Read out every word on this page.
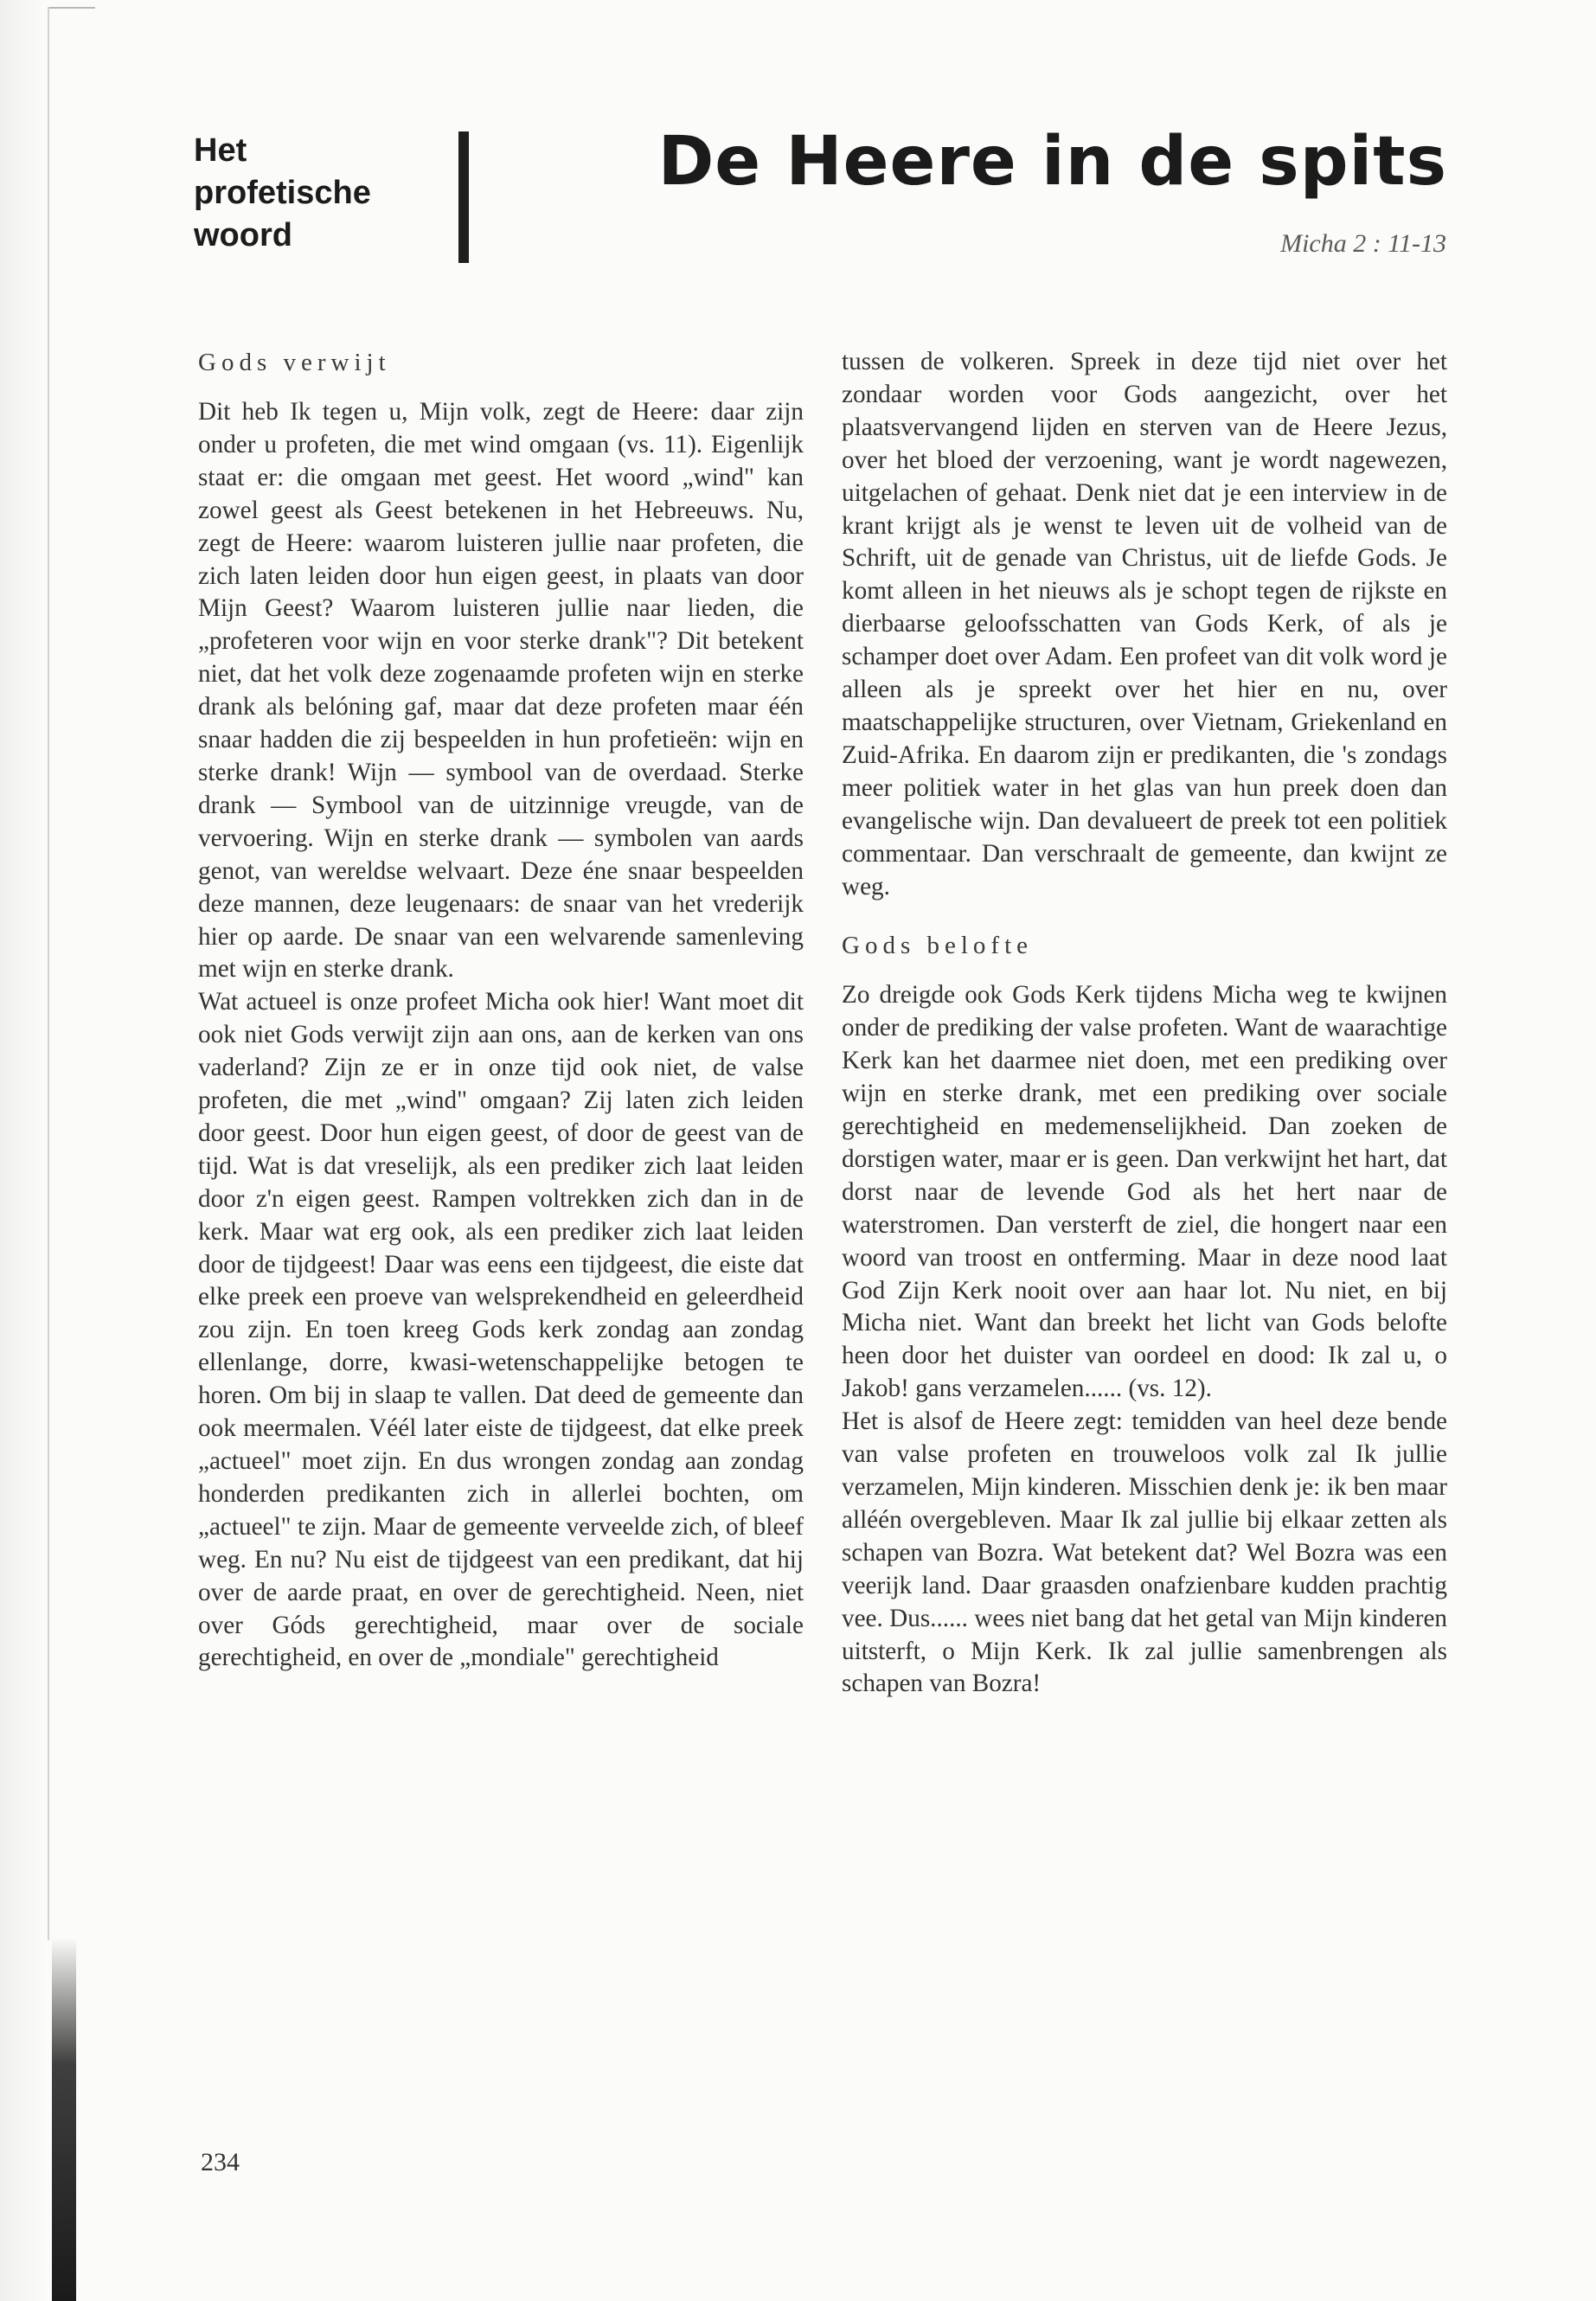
Het
profetische
woord
De Heere in de spits
Micha 2 : 11-13
Gods verwijt

Dit heb Ik tegen u, Mijn volk, zegt de Heere: daar zijn onder u profeten, die met wind omgaan (vs. 11). Eigenlijk staat er: die omgaan met geest. Het woord „wind" kan zowel geest als Geest betekenen in het Hebreeuws. Nu, zegt de Heere: waarom luisteren jullie naar profeten, die zich laten leiden door hun eigen geest, in plaats van door Mijn Geest? Waarom luisteren jullie naar lieden, die „profeteren voor wijn en voor sterke drank"? Dit betekent niet, dat het volk deze zogenaamde profeten wijn en sterke drank als belóning gaf, maar dat deze profeten maar één snaar hadden die zij bespeelden in hun profetieën: wijn en sterke drank! Wijn — symbool van de overdaad. Sterke drank — Symbool van de uitzinnige vreugde, van de vervoering. Wijn en sterke drank — symbolen van aards genot, van wereldse welvaart. Deze éne snaar bespeelden deze mannen, deze leugenaars: de snaar van het vrederijk hier op aarde. De snaar van een welvarende samenleving met wijn en sterke drank.

Wat actueel is onze profeet Micha ook hier! Want moet dit ook niet Gods verwijt zijn aan ons, aan de kerken van ons vaderland? Zijn ze er in onze tijd ook niet, de valse profeten, die met „wind" omgaan? Zij laten zich leiden door geest. Door hun eigen geest, of door de geest van de tijd. Wat is dat vreselijk, als een prediker zich laat leiden door z'n eigen geest. Rampen voltrekken zich dan in de kerk. Maar wat erg ook, als een prediker zich laat leiden door de tijdgeest! Daar was eens een tijdgeest, die eiste dat elke preek een proeve van welsprekendheid en geleerdheid zou zijn. En toen kreeg Gods kerk zondag aan zondag ellenlange, dorre, kwasi-wetenschappelijke betogen te horen. Om bij in slaap te vallen. Dat deed de gemeente dan ook meermalen. Véél later eiste de tijdgeest, dat elke preek „actueel" moet zijn. En dus wrongen zondag aan zondag honderden predikanten zich in allerlei bochten, om „actueel" te zijn. Maar de gemeente verveelde zich, of bleef weg. En nu? Nu eist de tijdgeest van een predikant, dat hij over de aarde praat, en over de gerechtigheid. Neen, niet over Góds gerechtigheid, maar over de sociale gerechtigheid, en over de „mondiale" gerechtigheid

tussen de volkeren. Spreek in deze tijd niet over het zondaar worden voor Gods aangezicht, over het plaatsvervangend lijden en sterven van de Heere Jezus, over het bloed der verzoening, want je wordt nagewezen, uitgelachen of gehaat. Denk niet dat je een interview in de krant krijgt als je wenst te leven uit de volheid van de Schrift, uit de genade van Christus, uit de liefde Gods. Je komt alleen in het nieuws als je schopt tegen de rijkste en dierbaarse geloofsschatten van Gods Kerk, of als je schamper doet over Adam. Een profeet van dit volk word je alleen als je spreekt over het hier en nu, over maatschappelijke structuren, over Vietnam, Griekenland en Zuid-Afrika. En daarom zijn er predikanten, die 's zondags meer politiek water in het glas van hun preek doen dan evangelische wijn. Dan devalueert de preek tot een politiek commentaar. Dan verschraalt de gemeente, dan kwijnt ze weg.

Gods belofte

Zo dreigde ook Gods Kerk tijdens Micha weg te kwijnen onder de prediking der valse profeten. Want de waarachtige Kerk kan het daarmee niet doen, met een prediking over wijn en sterke drank, met een prediking over sociale gerechtigheid en medemenselijkheid. Dan zoeken de dorstigen water, maar er is geen. Dan verkwijnt het hart, dat dorst naar de levende God als het hert naar de waterstromen. Dan versterft de ziel, die hongert naar een woord van troost en ontferming. Maar in deze nood laat God Zijn Kerk nooit over aan haar lot. Nu niet, en bij Micha niet. Want dan breekt het licht van Gods belofte heen door het duister van oordeel en dood: Ik zal u, o Jakob! gans verzamelen...... (vs. 12).

Het is alsof de Heere zegt: temidden van heel deze bende van valse profeten en trouweloos volk zal Ik jullie verzamelen, Mijn kinderen. Misschien denk je: ik ben maar alléén overgebleven. Maar Ik zal jullie bij elkaar zetten als schapen van Bozra. Wat betekent dat? Wel Bozra was een veerijk land. Daar graasden onafzienbare kudden prachtig vee. Dus...... wees niet bang dat het getal van Mijn kinderen uitsterft, o Mijn Kerk. Ik zal jullie samenbrengen als schapen van Bozra!

234
